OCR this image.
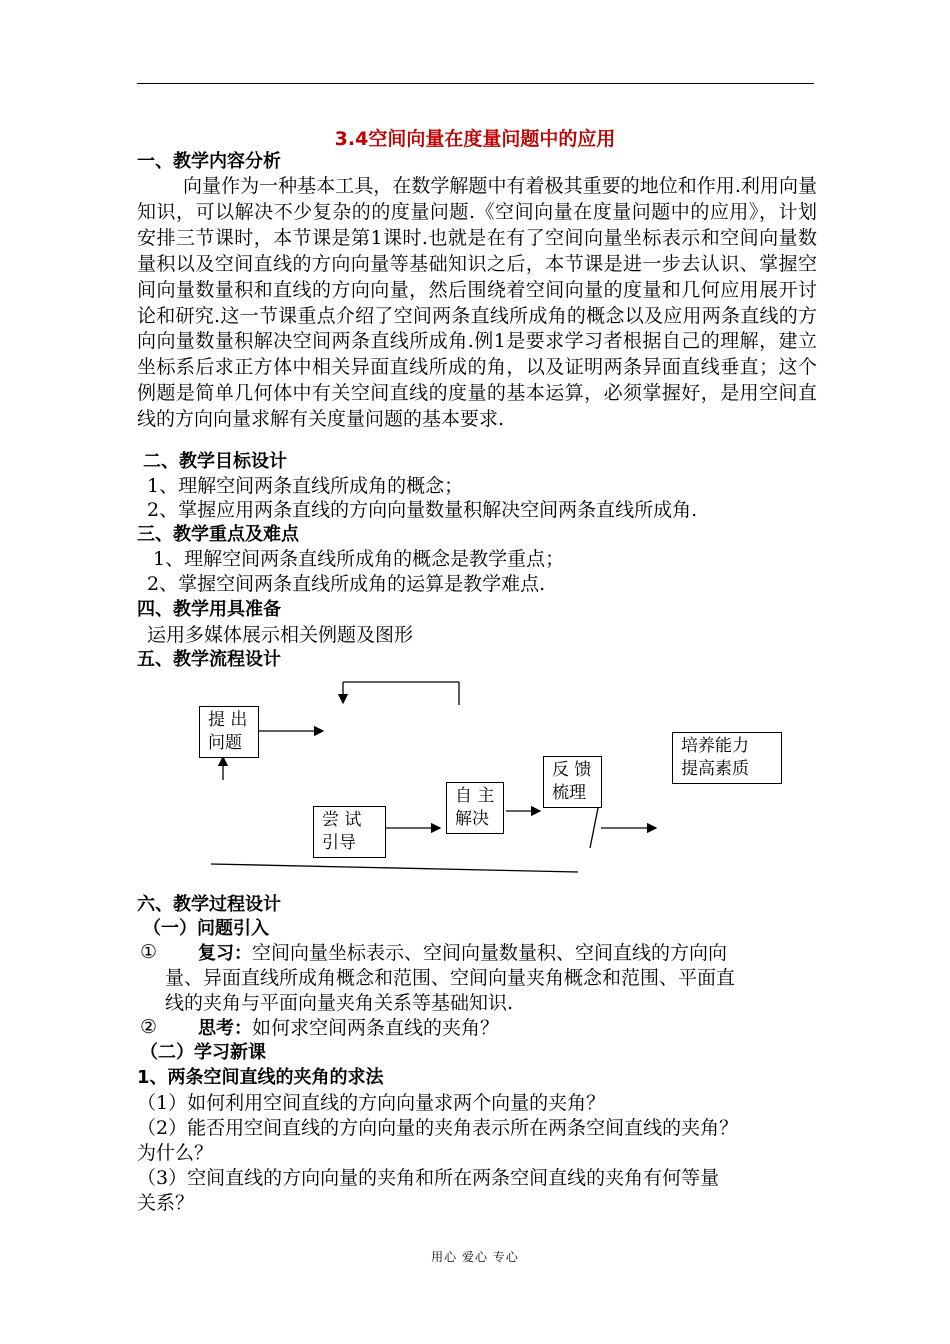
3.4空间向量在度量问题中的应用
一、教学内容分析
向量作为一种基本工具，在数学解题中有着极其重要的地位和作用.利用向量知识，可以解决不少复杂的的度量问题.《空间向量在度量问题中的应用》，计划安排三节课时，本节课是第1课时.也就是在有了空间向量坐标表示和空间向量数量积以及空间直线的方向向量等基础知识之后，本节课是进一步去认识、掌握空间向量数量积和直线的方向向量，然后围绕着空间向量的度量和几何应用展开讨论和研究.这一节课重点介绍了空间两条直线所成角的概念以及应用两条直线的方向向量数量积解决空间两条直线所成角.例1是要求学习者根据自己的理解，建立坐标系后求正方体中相关异面直线所成的角，以及证明两条异面直线垂直；这个例题是简单几何体中有关空间直线的度量的基本运算，必须掌握好，是用空间直线的方向向量求解有关度量问题的基本要求.
二、教学目标设计
1、理解空间两条直线所成角的概念；
2、掌握应用两条直线的方向向量数量积解决空间两条直线所成角.
三、教学重点及难点
1、理解空间两条直线所成角的概念是教学重点；
2、掌握空间两条直线所成角的运算是教学难点.
四、教学用具准备
运用多媒体展示相关例题及图形
五、教学流程设计
提 出
问题
尝 试
引导
自 主
解决
反 馈
梳理
培养能力
提高素质
六、教学过程设计
（一）问题引入
① 复习：空间向量坐标表示、空间向量数量积、空间直线的方向向
量、异面直线所成角概念和范围、空间向量夹角概念和范围、平面直
线的夹角与平面向量夹角关系等基础知识.
② 思考：如何求空间两条直线的夹角？
（二）学习新课
1、两条空间直线的夹角的求法
（1）如何利用空间直线的方向向量求两个向量的夹角？
（2）能否用空间直线的方向向量的夹角表示所在两条空间直线的夹角？
为什么？
（3）空间直线的方向向量的夹角和所在两条空间直线的夹角有何等量
关系？
用心 爱心 专心
